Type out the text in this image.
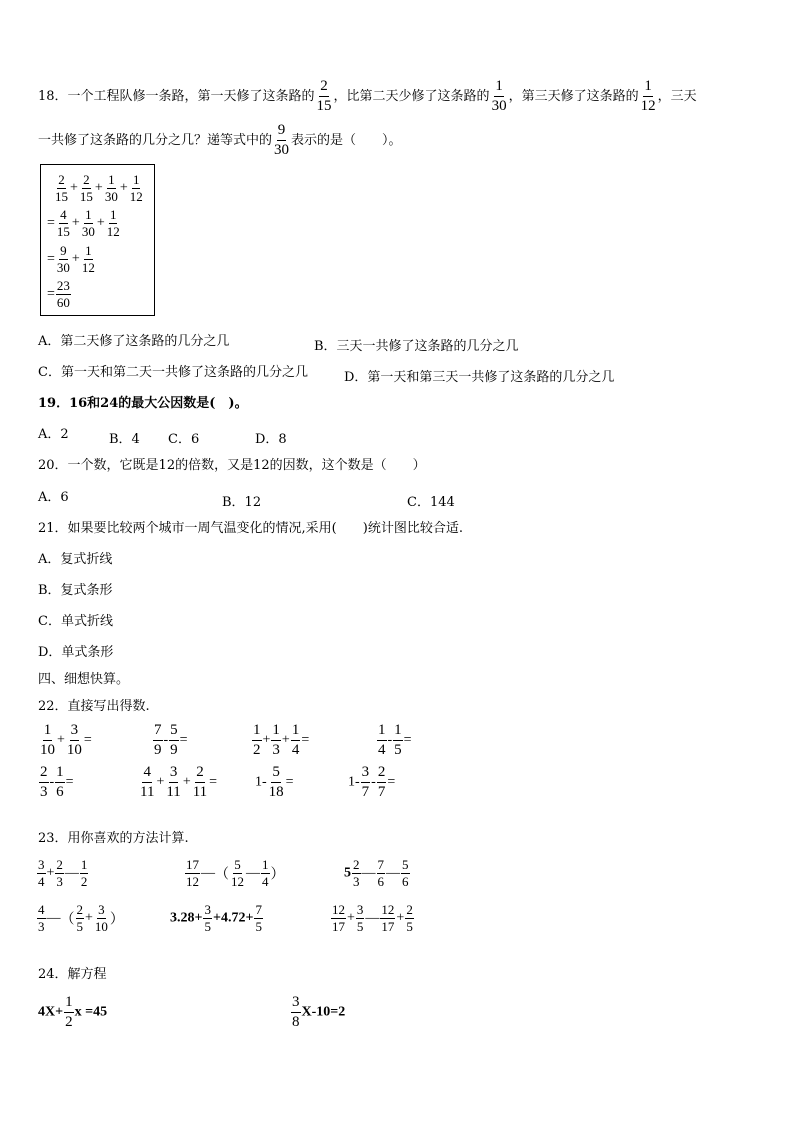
18．一个工程队修一条路，第一天修了这条路的 $\frac{2}{15}$ ，比第二天少修了这条路的 $\frac{1}{30}$ ，第三天修了这条路的 $\frac{1}{12}$ ，三天
一共修了这条路的几分之几？递等式中的 $\frac{9}{30}$ 表示的是（　　）。
$\frac{2}{15} + \frac{2}{15} + \frac{1}{30} + \frac{1}{12}$
= $\frac{4}{15} + \frac{1}{30} + \frac{1}{12}$
= $\frac{9}{30} + \frac{1}{12}$
= $\frac{23}{60}$
A．第二天修了这条路的几分之几	B．三天一共修了这条路的几分之几
C．第一天和第二天一共修了这条路的几分之几	D．第一天和第三天一共修了这条路的几分之几
19．16和24的最大公因数是(　)。
A．2	B．4 C．6	D．8
20．一个数，它既是12的倍数，又是12的因数，这个数是（　　）
A．6	B．12	C．144
21．如果要比较两个城市一周气温变化的情况,采用(　　)统计图比较合适.
A．复式折线
B．复式条形
C．单式折线
D．单式条形
四、细想快算。
22．直接写出得数.
$\frac{1}{10} + \frac{3}{10}$ =	$\frac{7}{9} - \frac{5}{9}$ =	$\frac{1}{2} + \frac{1}{3} + \frac{1}{4}$ =	$\frac{1}{4} - \frac{1}{5}$ =
$\frac{2}{3} - \frac{1}{6}$ =	$\frac{4}{11} + \frac{3}{11} + \frac{2}{11}$ =	$1- \frac{5}{18}$ =	$1- \frac{3}{7} - \frac{2}{7}$ =
23．用你喜欢的方法计算.
$\frac{3}{4} + \frac{2}{3}$ — $\frac{1}{2}$	$\frac{17}{12}$ —（ $\frac{5}{12}$ — $\frac{1}{4}$ ）	$5 \frac{2}{3}$ — $\frac{7}{6}$ — $\frac{5}{6}$
$\frac{4}{3}$ —（ $\frac{2}{5} + \frac{3}{10}$ ）	$3.28+ \frac{3}{5} +4.72+ \frac{7}{5}$	$\frac{12}{17} + \frac{3}{5}$ — $\frac{12}{17} + \frac{2}{5}$
24．解方程
$4X+ \frac{1}{2}$ x =45	$\frac{3}{8} X-10=2$
